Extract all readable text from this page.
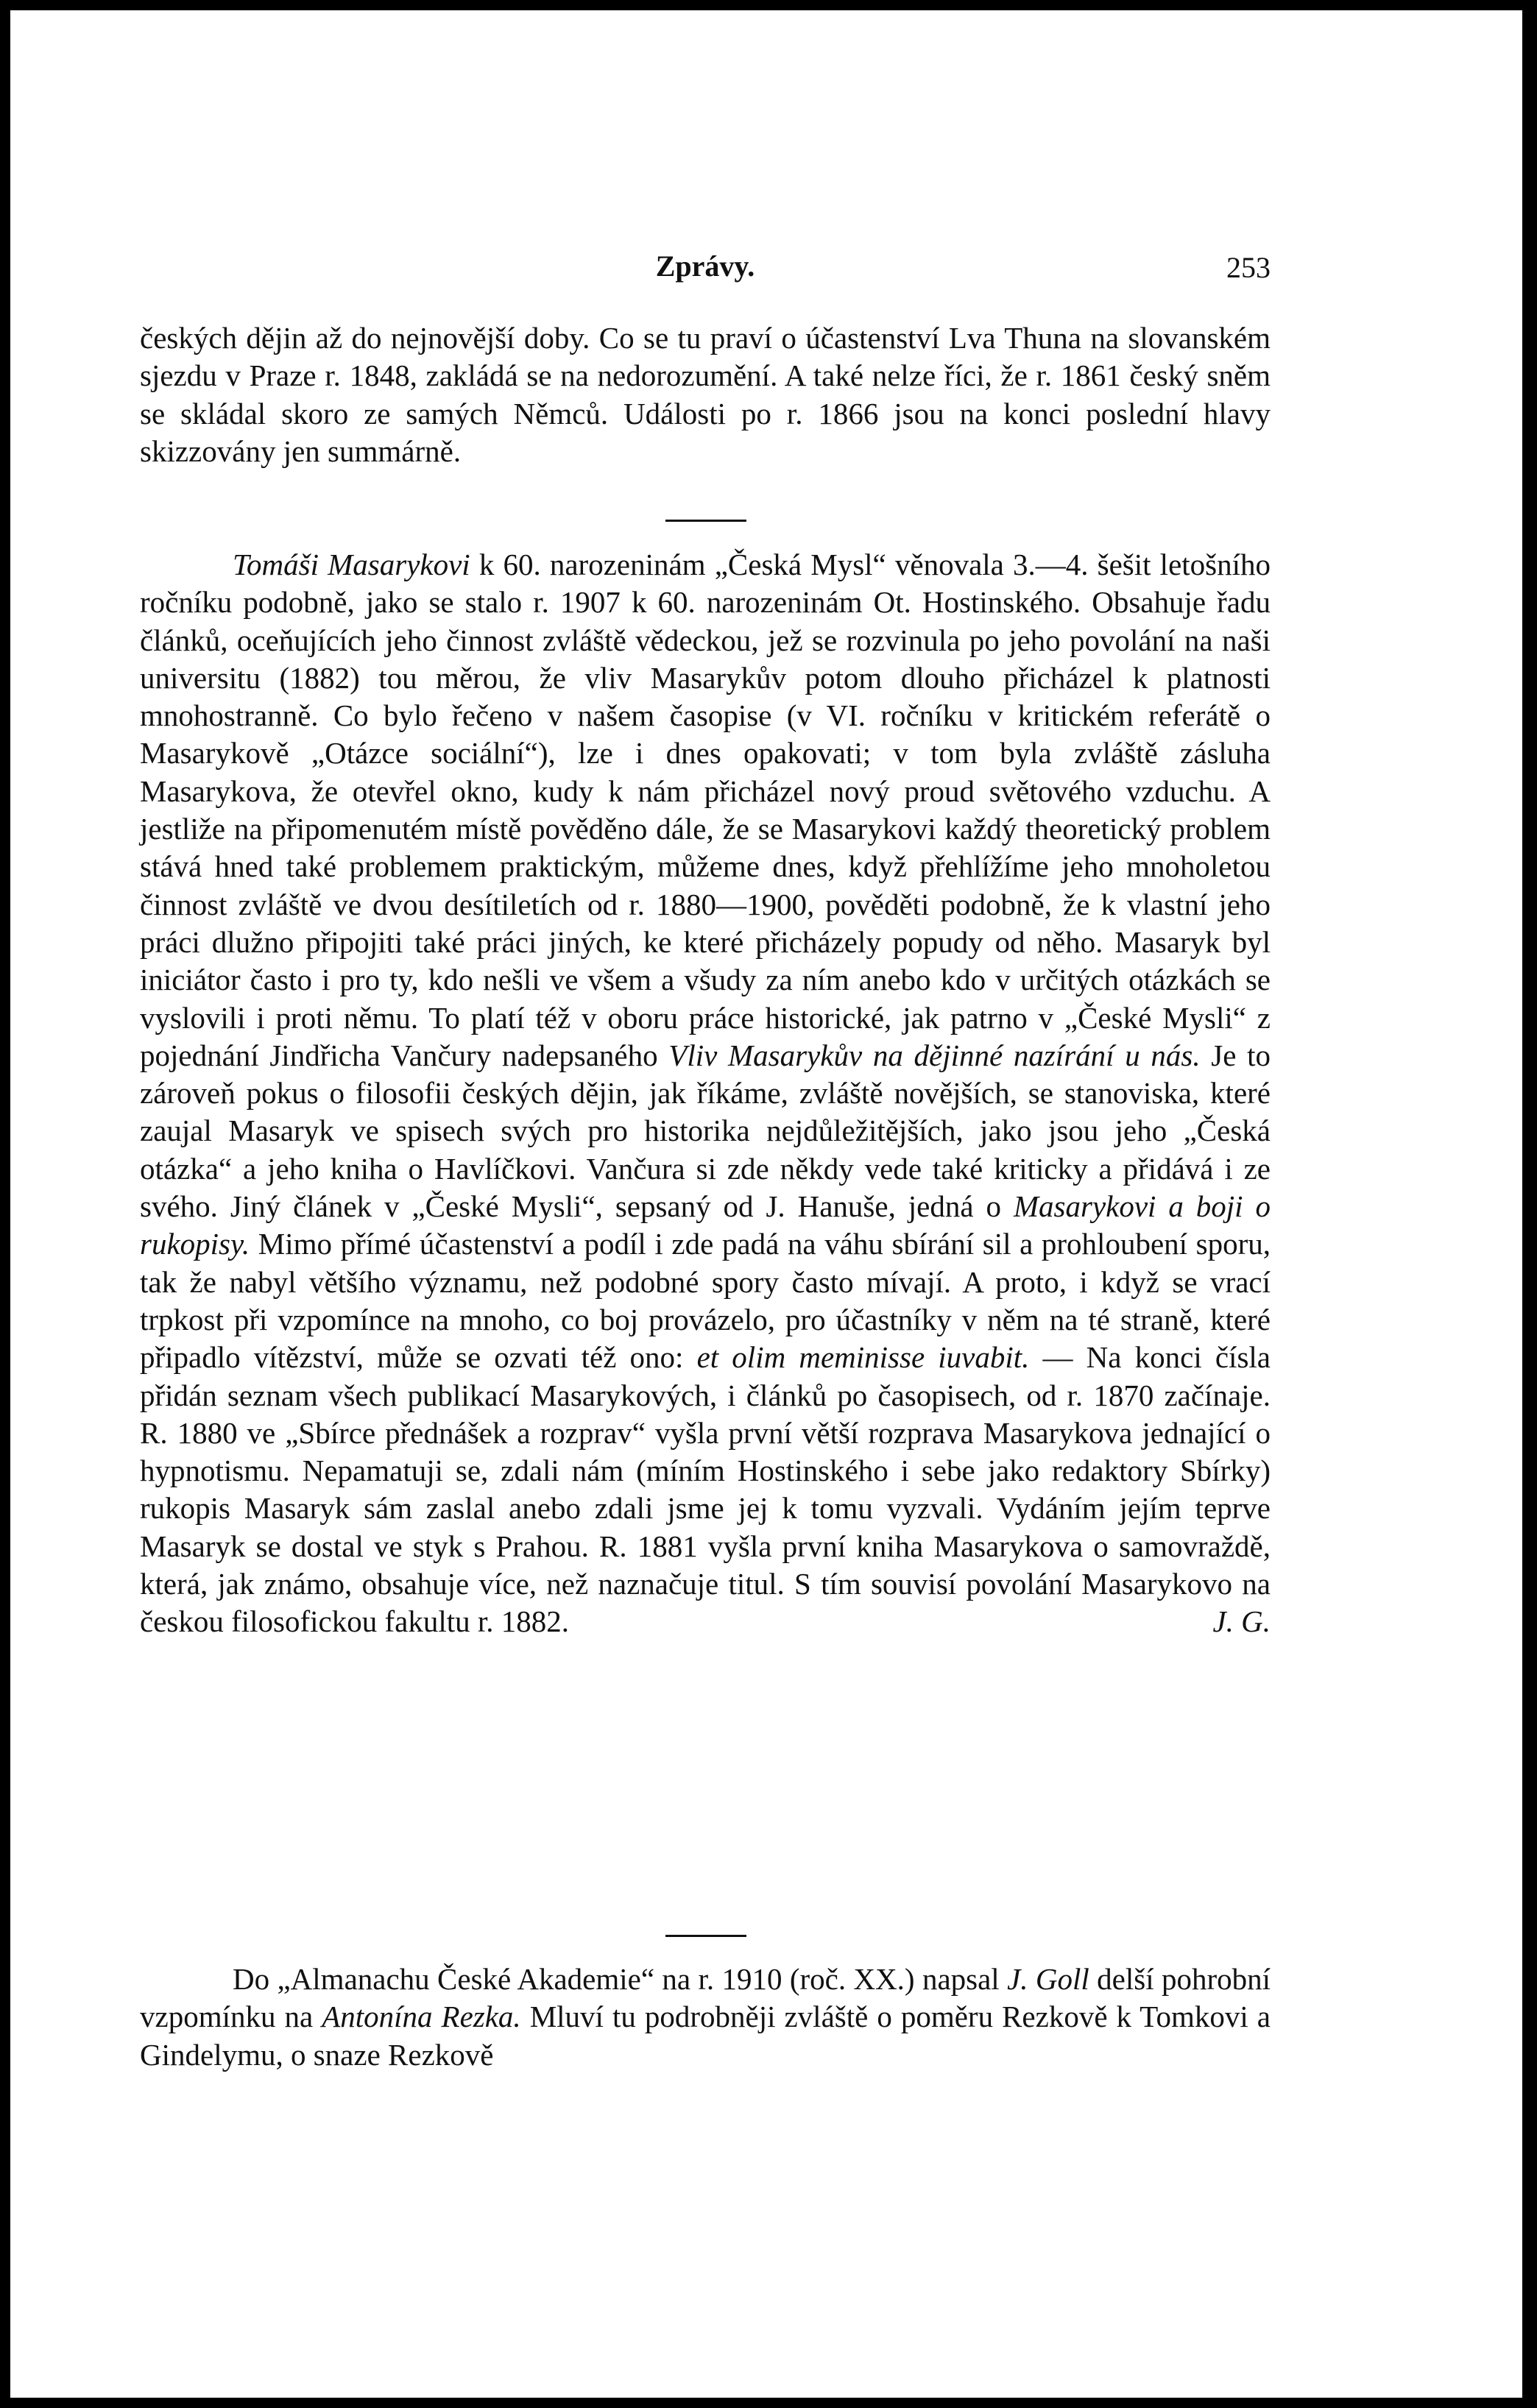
Zprávy.	253

českých dějin až do nejnovější doby. Co se tu praví o účastenství Lva Thuna na slovanském sjezdu v Praze r. 1848, zakládá se na nedorozumění. A také nelze říci, že r. 1861 český sněm se skládal skoro ze samých Němců. Události po r. 1866 jsou na konci poslední hlavy skizzovány jen summárně.

Tomáši Masarykovi k 60. narozeninám „Česká Mysl“ věnovala 3.—4. šešit letošního ročníku podobně, jako se stalo r. 1907 k 60. narozeninám Ot. Hostinského. Obsahuje řadu článků, oceňujících jeho činnost zvláště vědeckou, jež se rozvinula po jeho povolání na naši universitu (1882) tou měrou, že vliv Masarykův potom dlouho přicházel k platnosti mnohostranně. Co bylo řečeno v našem časopise (v VI. ročníku v kritickém referátě o Masarykově „Otázce sociální“), lze i dnes opakovati; v tom byla zvláště zásluha Masarykova, že otevřel okno, kudy k nám přicházel nový proud světového vzduchu. A jestliže na připomenutém místě pověděno dále, že se Masarykovi každý theoretický problem stává hned také problemem praktickým, můžeme dnes, když přehlížíme jeho mnoholetou činnost zvláště ve dvou desítiletích od r. 1880—1900, pověděti podobně, že k vlastní jeho práci dlužno připojiti také práci jiných, ke které přicházely popudy od něho. Masaryk byl iniciátor často i pro ty, kdo nešli ve všem a všudy za ním anebo kdo v určitých otázkách se vyslovili i proti němu. To platí též v oboru práce historické, jak patrno v „České Mysli“ z pojednání Jindřicha Vančury nadepsaného Vliv Masarykův na dějinné nazírání u nás. Je to zároveň pokus o filosofii českých dějin, jak říkáme, zvláště novějších, se stanoviska, které zaujal Masaryk ve spisech svých pro historika nejdůležitějších, jako jsou jeho „Česká otázka“ a jeho kniha o Havlíčkovi. Vančura si zde někdy vede také kriticky a přidává i ze svého. Jiný článek v „České Mysli“, sepsaný od J. Hanuše, jedná o Masarykovi a boji o rukopisy. Mimo přímé účastenství a podíl i zde padá na váhu sbírání sil a prohloubení sporu, tak že nabyl většího významu, než podobné spory často mívají. A proto, i když se vrací trpkost při vzpomínce na mnoho, co boj provázelo, pro účastníky v něm na té straně, které připadlo vítězství, může se ozvati též ono: et olim meminisse iuvabit. — Na konci čísla přidán seznam všech publikací Masarykových, i článků po časopisech, od r. 1870 začínaje. R. 1880 ve „Sbírce přednášek a rozprav“ vyšla první větší rozprava Masarykova jednající o hypnotismu. Nepamatuji se, zdali nám (míním Hostinského i sebe jako redaktory Sbírky) rukopis Masaryk sám zaslal anebo zdali jsme jej k tomu vyzvali. Vydáním jejím teprve Masaryk se dostal ve styk s Prahou. R. 1881 vyšla první kniha Masarykova o samovraždě, která, jak známo, obsahuje více, než naznačuje titul. S tím souvisí povolání Masarykovo na českou filosofickou fakultu r. 1882.	J. G.

Do „Almanachu České Akademie“ na r. 1910 (roč. XX.) napsal J. Goll delší pohrobní vzpomínku na Antonína Rezka. Mluví tu podrobněji zvláště o poměru Rezkově k Tomkovi a Gindelymu, o snaze Rezkově
